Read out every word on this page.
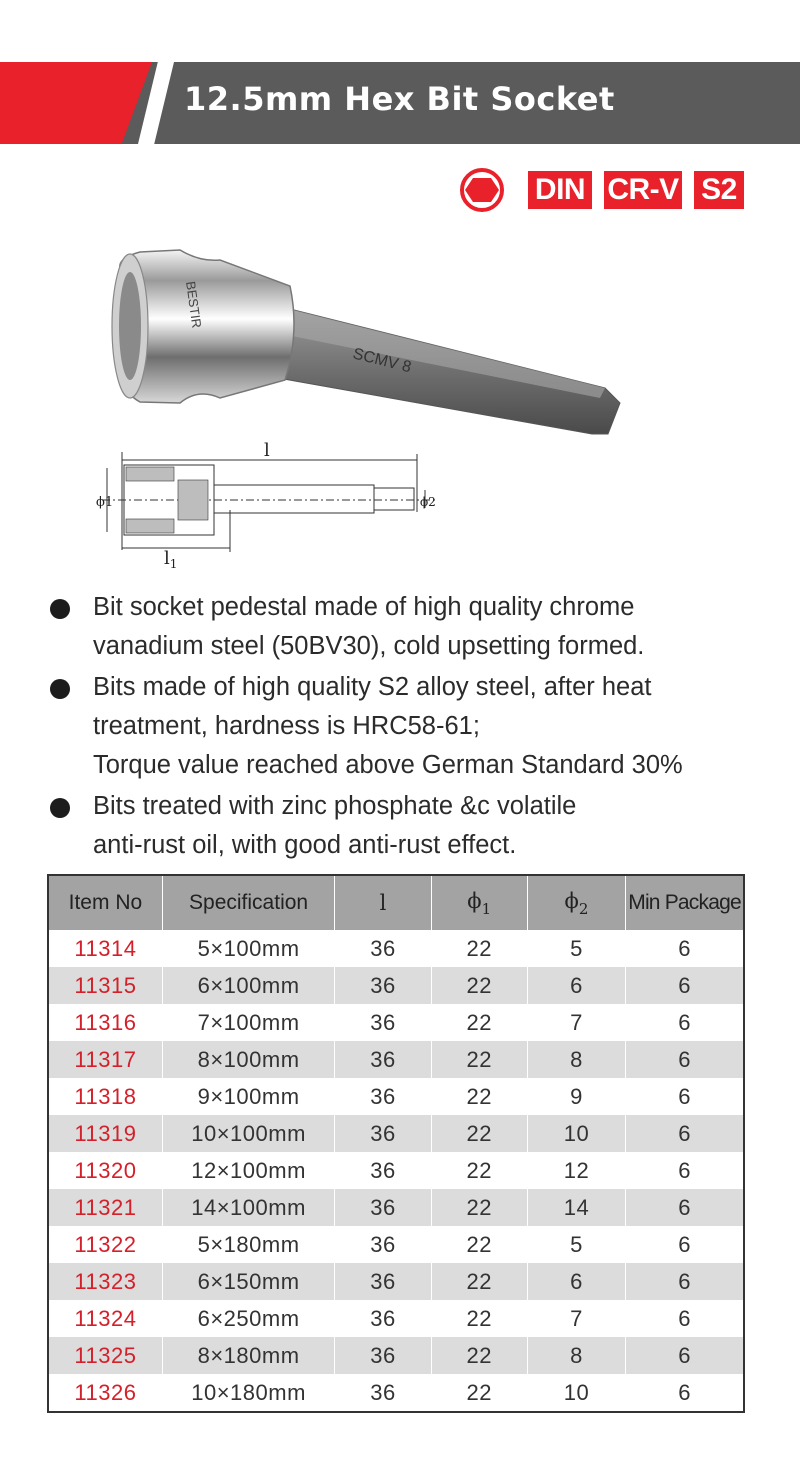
12.5mm Hex Bit Socket
DIN CR-V S2
SCMV 8
BESTIR
l
ϕ1	ϕ2
$l_1$
Bit socket pedestal made of high quality chrome
vanadium steel (50BV30), cold upsetting formed.
Bits made of high quality S2 alloy steel, after heat
treatment, hardness is HRC58-61;
Torque value reached above German Standard 30%
Bits treated with zinc phosphate &c volatile
anti-rust oil, with good anti-rust effect.
Item No	Specification	l	$\phi_1$	$\phi_2$	Min Package
11314	5×100mm	36	22	5	6
11315	6×100mm	36	22	6	6
11316	7×100mm	36	22	7	6
11317	8×100mm	36	22	8	6
11318	9×100mm	36	22	9	6
11319	10×100mm	36	22	10	6
11320	12×100mm	36	22	12	6
11321	14×100mm	36	22	14	6
11322	5×180mm	36	22	5	6
11323	6×150mm	36	22	6	6
11324	6×250mm	36	22	7	6
11325	8×180mm	36	22	8	6
11326	10×180mm	36	22	10	6
